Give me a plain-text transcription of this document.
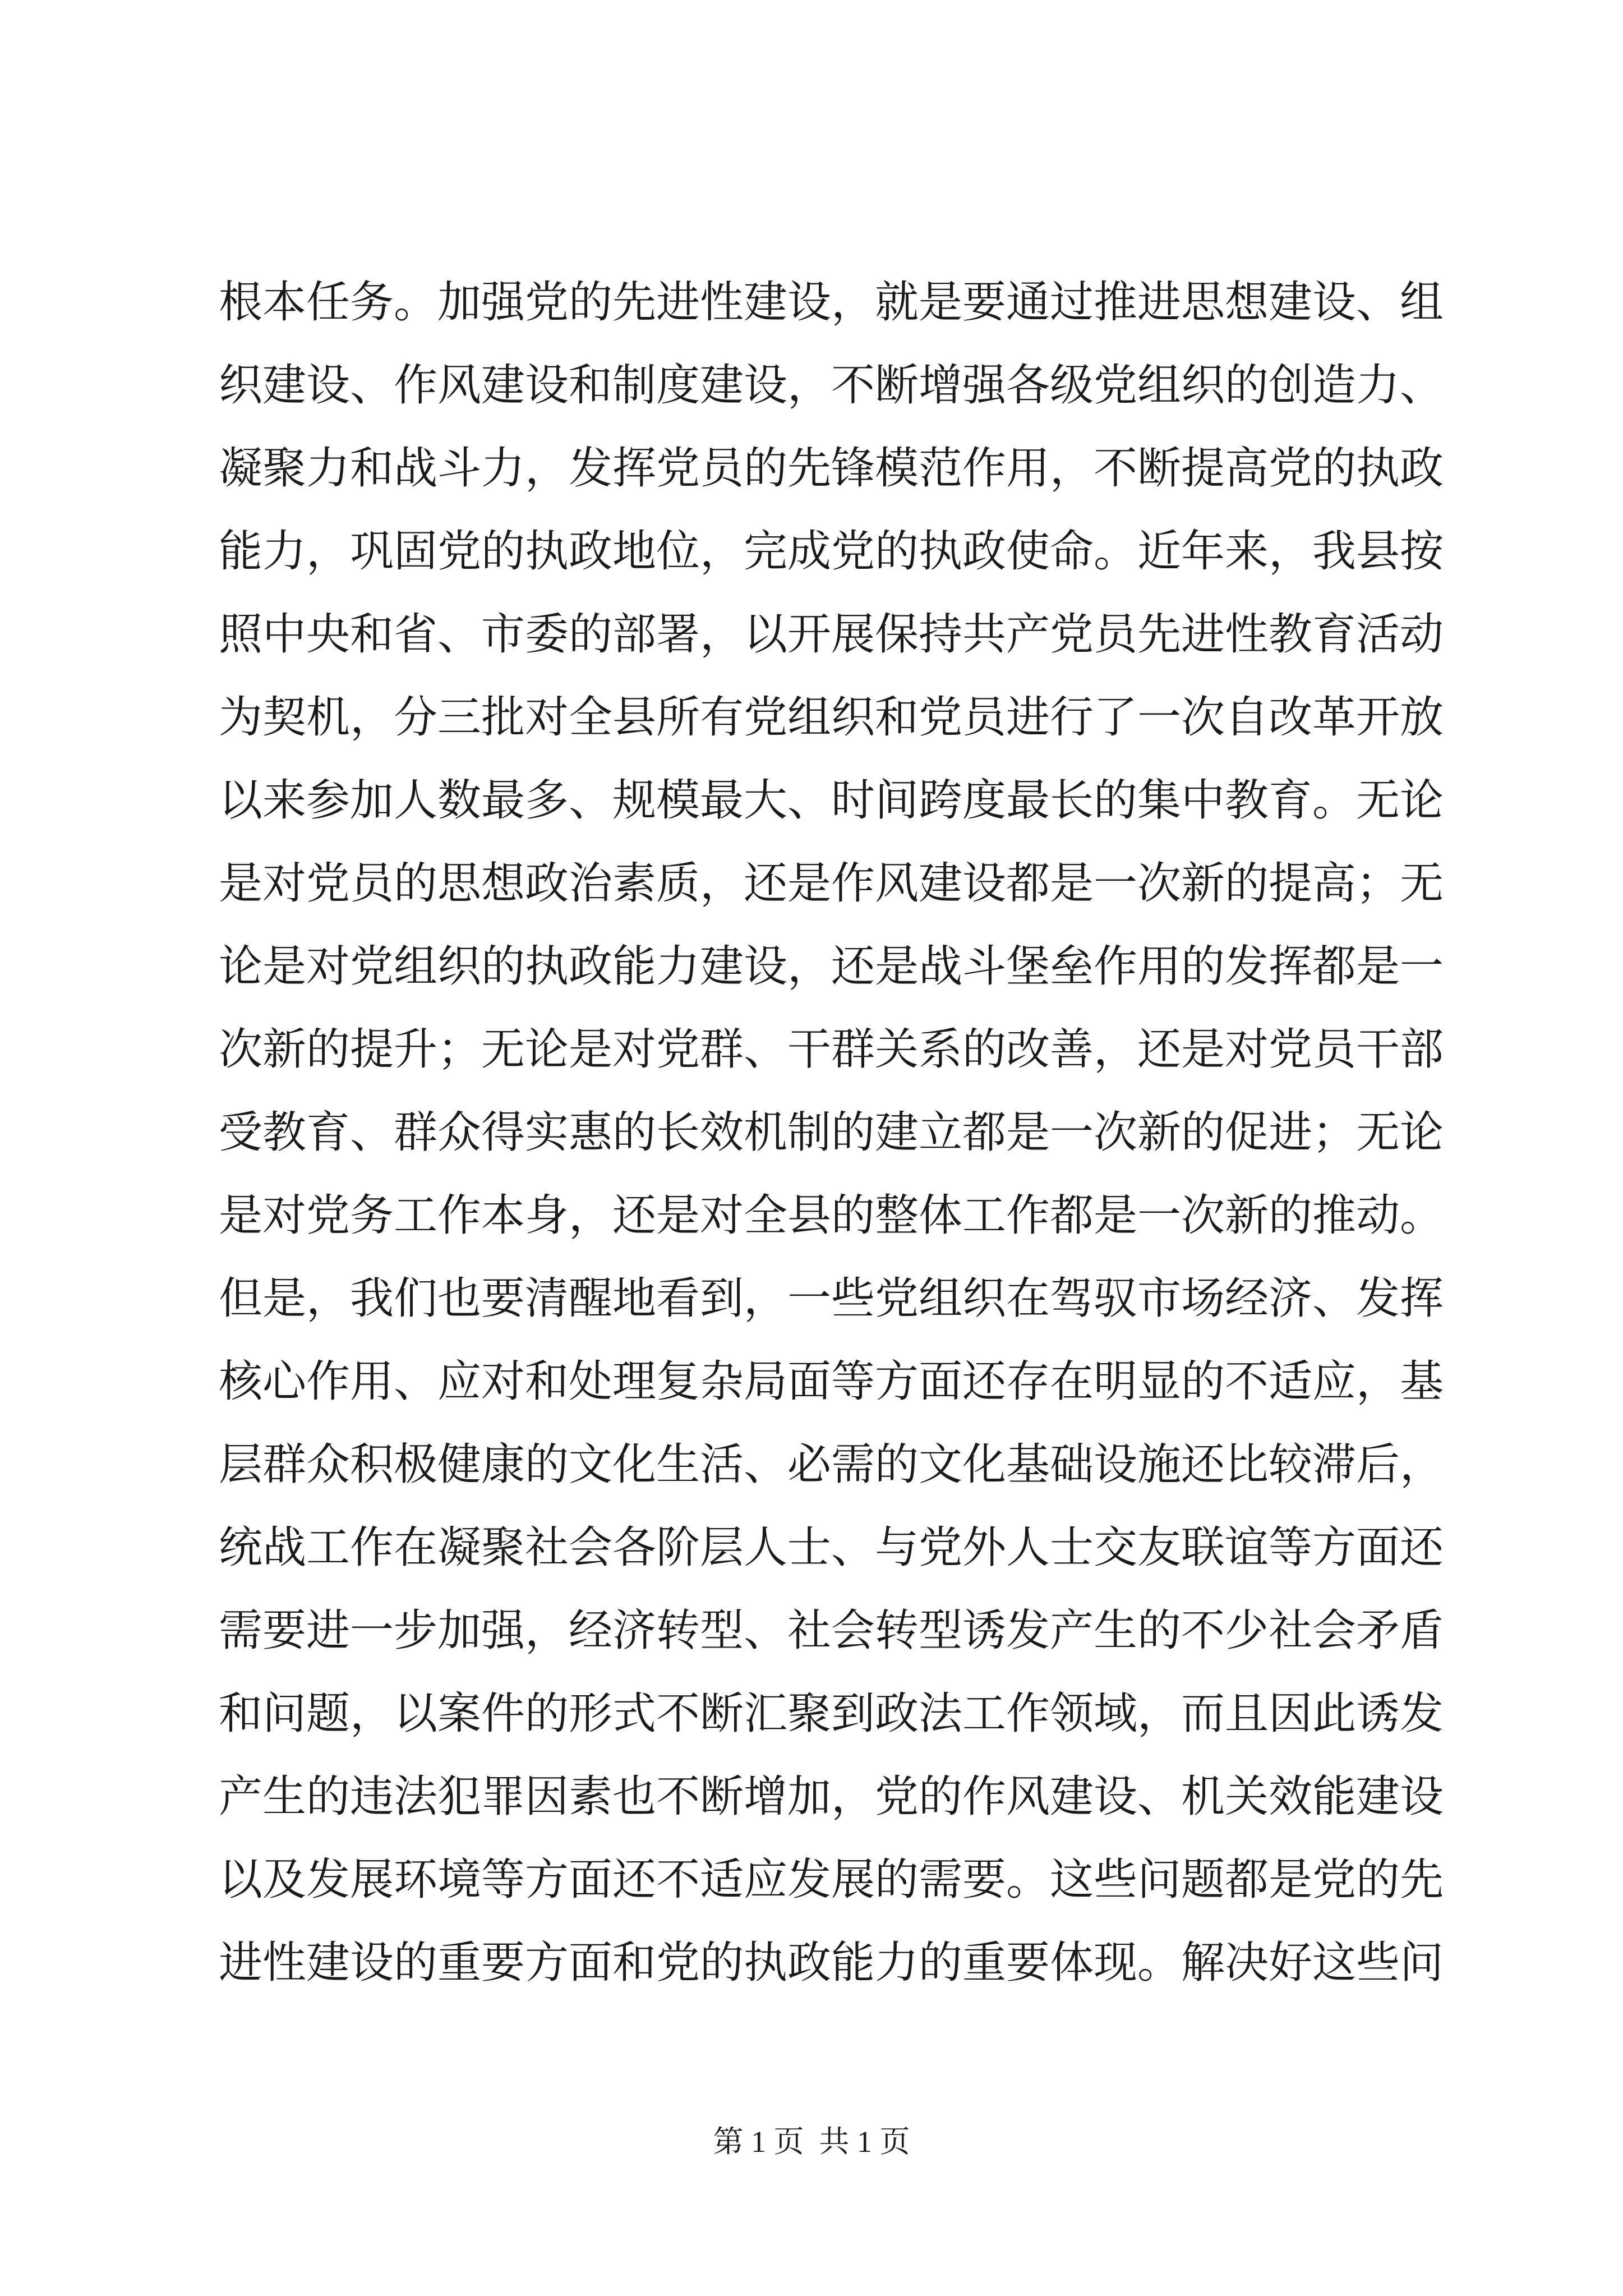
根本任务。加强党的先进性建设，就是要通过推进思想建设、组
织建设、作风建设和制度建设，不断增强各级党组织的创造力、
凝聚力和战斗力，发挥党员的先锋模范作用，不断提高党的执政
能力，巩固党的执政地位，完成党的执政使命。近年来，我县按
照中央和省、市委的部署，以开展保持共产党员先进性教育活动
为契机，分三批对全县所有党组织和党员进行了一次自改革开放
以来参加人数最多、规模最大、时间跨度最长的集中教育。无论
是对党员的思想政治素质，还是作风建设都是一次新的提高；无
论是对党组织的执政能力建设，还是战斗堡垒作用的发挥都是一
次新的提升；无论是对党群、干群关系的改善，还是对党员干部
受教育、群众得实惠的长效机制的建立都是一次新的促进；无论
是对党务工作本身，还是对全县的整体工作都是一次新的推动。
但是，我们也要清醒地看到，一些党组织在驾驭市场经济、发挥
核心作用、应对和处理复杂局面等方面还存在明显的不适应，基
层群众积极健康的文化生活、必需的文化基础设施还比较滞后，
统战工作在凝聚社会各阶层人士、与党外人士交友联谊等方面还
需要进一步加强，经济转型、社会转型诱发产生的不少社会矛盾
和问题，以案件的形式不断汇聚到政法工作领域，而且因此诱发
产生的违法犯罪因素也不断增加，党的作风建设、机关效能建设
以及发展环境等方面还不适应发展的需要。这些问题都是党的先
进性建设的重要方面和党的执政能力的重要体现。解决好这些问
第 1 页  共 1 页
